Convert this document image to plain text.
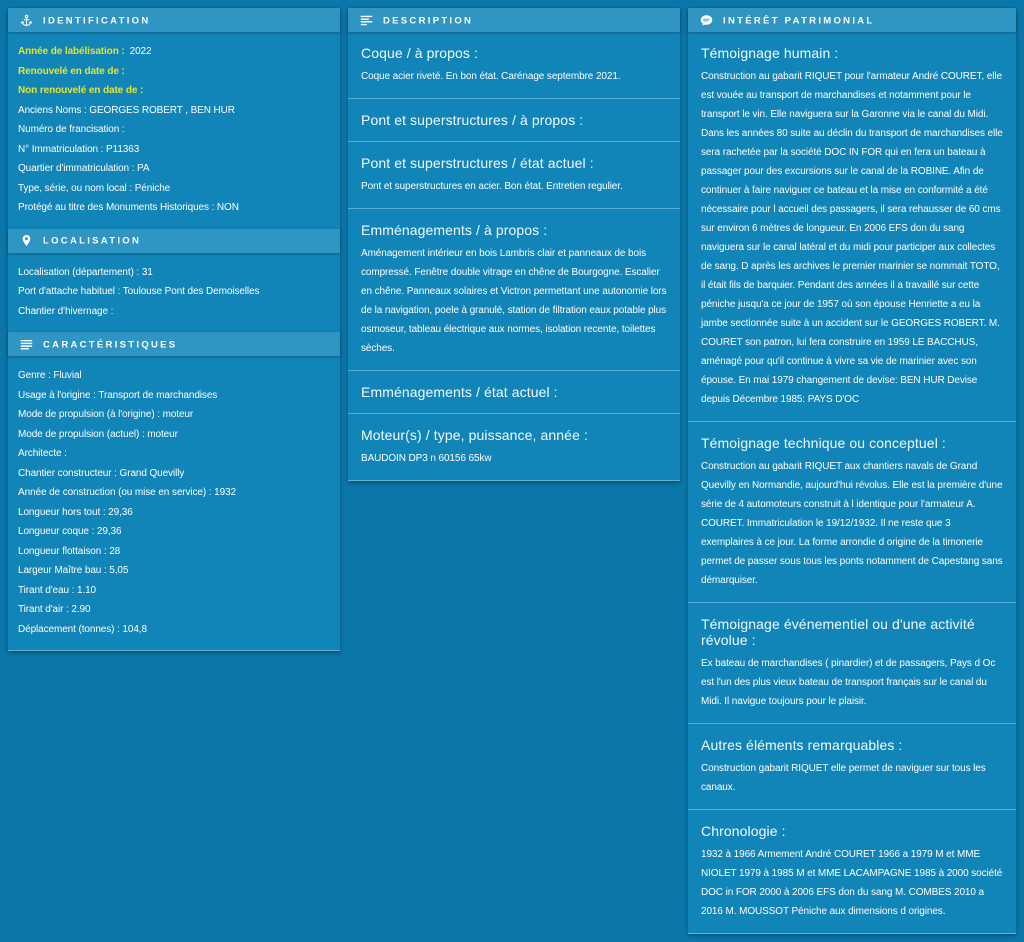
IDENTIFICATION
Année de labélisation : 2022
Renouvelé en date de :
Non renouvelé en date de :
Anciens Noms : GEORGES ROBERT , BEN HUR
Numéro de francisation :
N° Immatriculation : P11363
Quartier d'immatriculation : PA
Type, série, ou nom local : Péniche
Protégé au titre des Monuments Historiques : NON
LOCALISATION
Localisation (département) : 31
Port d'attache habituel : Toulouse Pont des Demoiselles
Chantier d'hivernage :
CARACTÉRISTIQUES
Genre : Fluvial
Usage à l'origine : Transport de marchandises
Mode de propulsion (à l'origine) : moteur
Mode de propulsion (actuel) : moteur
Architecte :
Chantier constructeur : Grand Quevilly
Année de construction (ou mise en service) : 1932
Longueur hors tout : 29,36
Longueur coque : 29,36
Longueur flottaison : 28
Largeur Maître bau : 5,05
Tirant d'eau : 1.10
Tirant d'air : 2.90
Déplacement (tonnes) : 104,8
DESCRIPTION
Coque / à propos :

Coque acier riveté. En bon état. Carénage septembre 2021.

Pont et superstructures / à propos :
Pont et superstructures / état actuel :

Pont et superstructures en acier. Bon état. Entretien regulier.

Emménagements / à propos :

Aménagement intérieur en bois Lambris clair et panneaux de bois compressé. Fenêtre double vitrage en chêne de Bourgogne. Escalier en chêne. Panneaux solaires et Victron permettant une autonomie lors de la navigation, poele à granulé, station de filtration eaux potable plus osmoseur, tableau électrique aux normes, isolation recente, toilettes sèches.

Emménagements / état actuel :
Moteur(s) / type, puissance, année :

BAUDOIN DP3 n 60156 65kw

INTÉRÊT PATRIMONIAL
Témoignage humain :

Construction au gabarit RIQUET pour l'armateur André COURET, elle est vouée au transport de marchandises et notamment pour le transport le vin. Elle naviguera sur la Garonne via le canal du Midi. Dans les années 80 suite au déclin du transport de marchandises elle sera rachetée par la société DOC IN FOR qui en fera un bateau à passager pour des excursions sur le canal de la ROBINE. Afin de continuer à faire naviguer ce bateau et la mise en conformité a été nécessaire pour l accueil des passagers, il sera rehausser de 60 cms sur environ 6 mètres de longueur. En 2006 EFS don du sang naviguera sur le canal latéral et du midi pour participer aux collectes de sang. D après les archives le premier marinier se nommait TOTO, il était fils de barquier. Pendant des années il a travaillé sur cette péniche jusqu'a ce jour de 1957 où son épouse Henriette a eu la jambe sectionnée suite à un accident sur le GEORGES ROBERT. M. COURET son patron, lui fera construire en 1959 LE BACCHUS, aménagé pour qu'il continue à vivre sa vie de marinier avec son épouse. En mai 1979 changement de devise: BEN HUR Devise depuis Décembre 1985: PAYS D'OC

Témoignage technique ou conceptuel :

Construction au gabarit RIQUET aux chantiers navals de Grand Quevilly en Normandie, aujourd'hui révolus. Elle est la première d'une série de 4 automoteurs construit à l identique pour l'armateur A. COURET. Immatriculation le 19/12/1932. Il ne reste que 3 exemplaires à ce jour. La forme arrondie d origine de la timonerie permet de passer sous tous les ponts notamment de Capestang sans démarquiser.

Témoignage événementiel ou d'une activité révolue :

Ex bateau de marchandises ( pinardier) et de passagers, Pays d Oc est l'un des plus vieux bateau de transport français sur le canal du Midi. Il navigue toujours pour le plaisir.

Autres éléments remarquables :

Construction gabarit RIQUET elle permet de naviguer sur tous les canaux.

Chronologie :

1932 à 1966 Armement André COURET 1966 a 1979 M et MME NIOLET 1979 à 1985 M et MME LACAMPAGNE 1985 à 2000 société DOC in FOR 2000 à 2006 EFS don du sang M. COMBES 2010 a 2016 M. MOUSSOT Péniche aux dimensions d origines.
